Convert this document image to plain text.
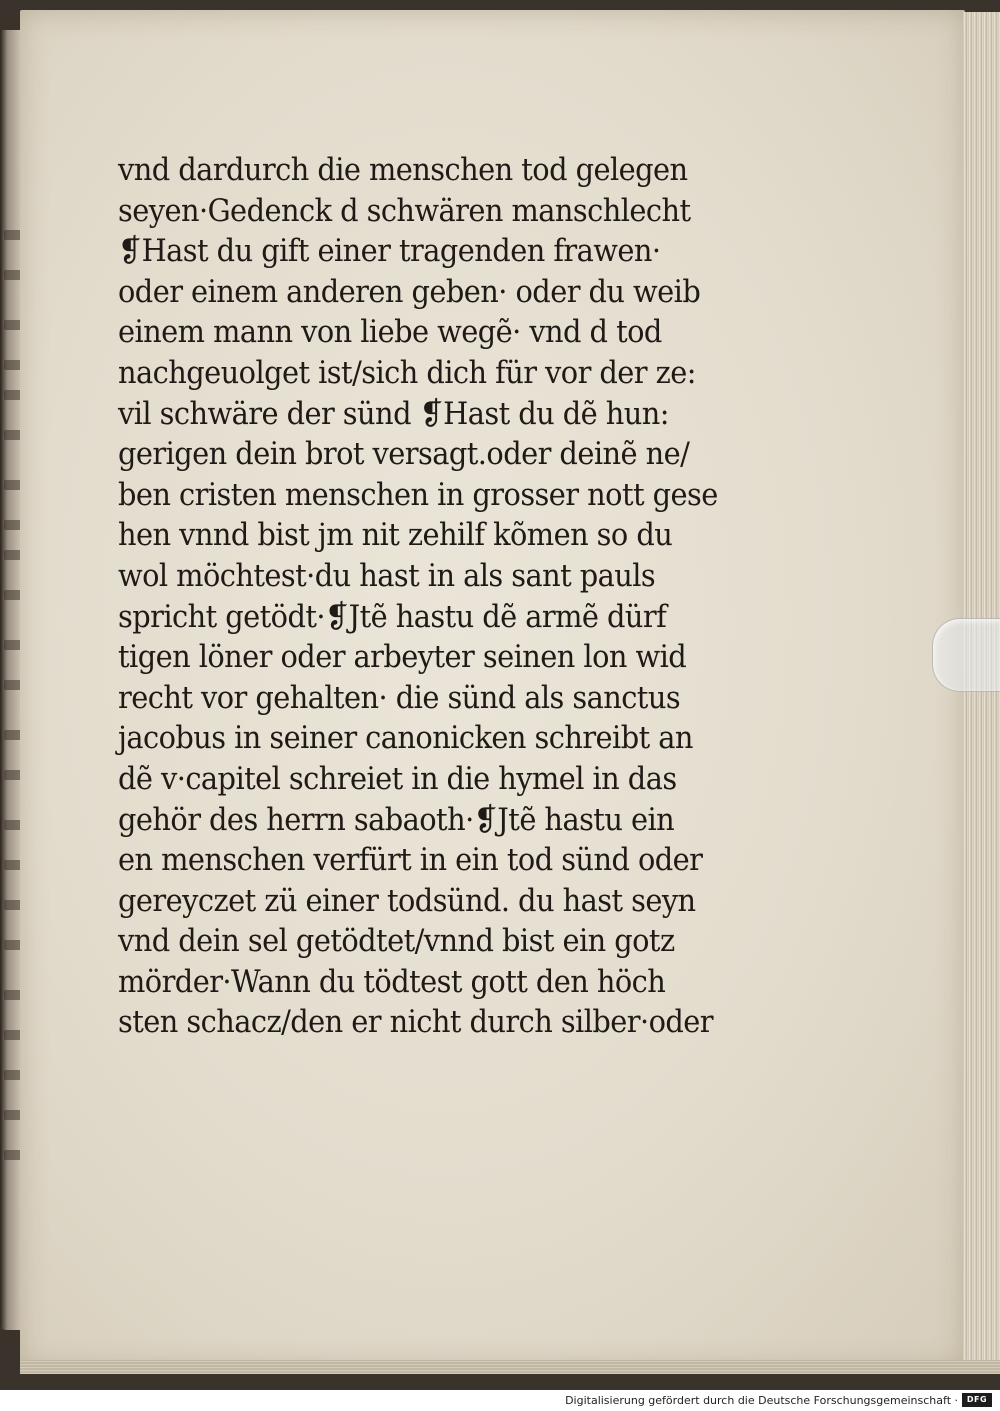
vnd dardurch die menschen tod gelegen
seyen·Gedenck d schwären manschlecht
❡Hast du gift einer tragenden frawen·
oder einem anderen geben· oder du weib
einem mann von liebe wegẽ· vnd d tod
nachgeuolget ist/sich dich für vor der ze:
vil schwäre der sünd ❡Hast du dẽ hun:
gerigen dein brot versagt.oder deinẽ ne/
ben cristen menschen in grosser nott gese
hen vnnd bist jm nit zehilf kõmen so du
wol möchtest·du hast in als sant pauls
spricht getödt·❡Jtẽ hastu dẽ armẽ dürf
tigen löner oder arbeyter seinen lon wid
recht vor gehalten· die sünd als sanctus
jacobus in seiner canonicken schreibt an
dẽ v·capitel schreiet in die hymel in das
gehör des herrn sabaoth·❡Jtẽ hastu ein
en menschen verfürt in ein tod sünd oder
gereyczet zü einer todsünd. du hast seyn
vnd dein sel getödtet/vnnd bist ein gotz
mörder·Wann du tödtest gott den höch
sten schacz/den er nicht durch silber·oder
Digitalisierung gefördert durch die Deutsche Forschungsgemeinschaft ·	DFG
